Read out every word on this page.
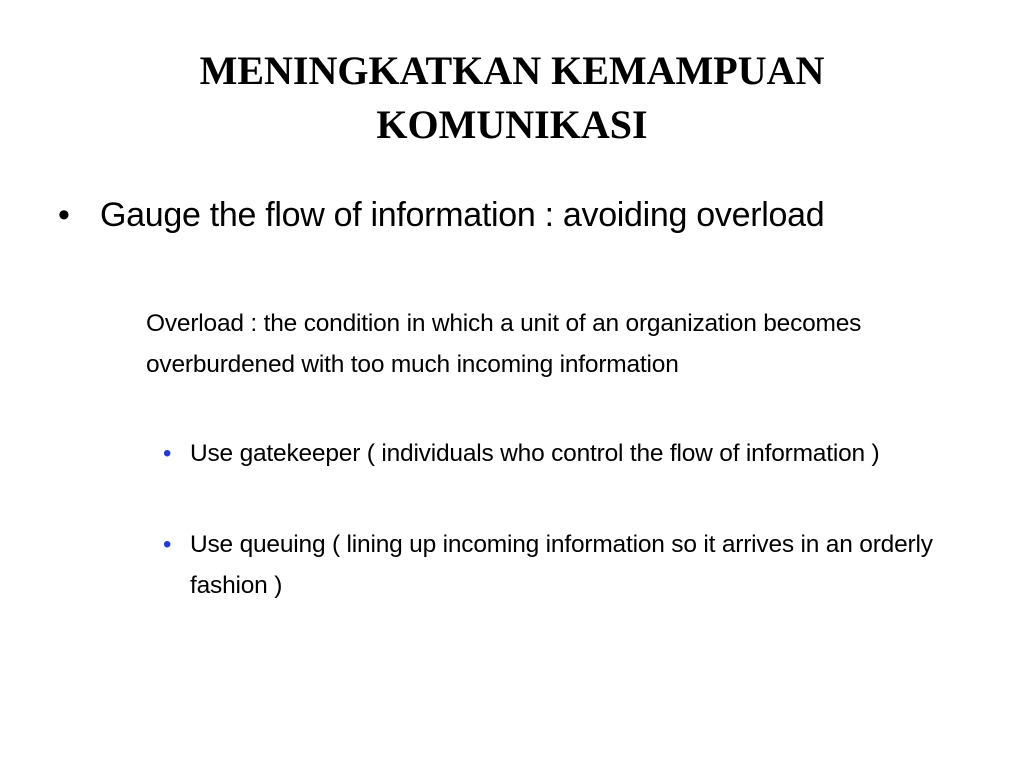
MENINGKATKAN KEMAMPUAN
KOMUNIKASI
• Gauge the flow of information : avoiding overload
Overload : the condition in which a unit of an organization becomes overburdened with too much incoming information
• Use gatekeeper ( individuals who control the flow of information )
• Use queuing ( lining up incoming information so it arrives in an orderly fashion )
